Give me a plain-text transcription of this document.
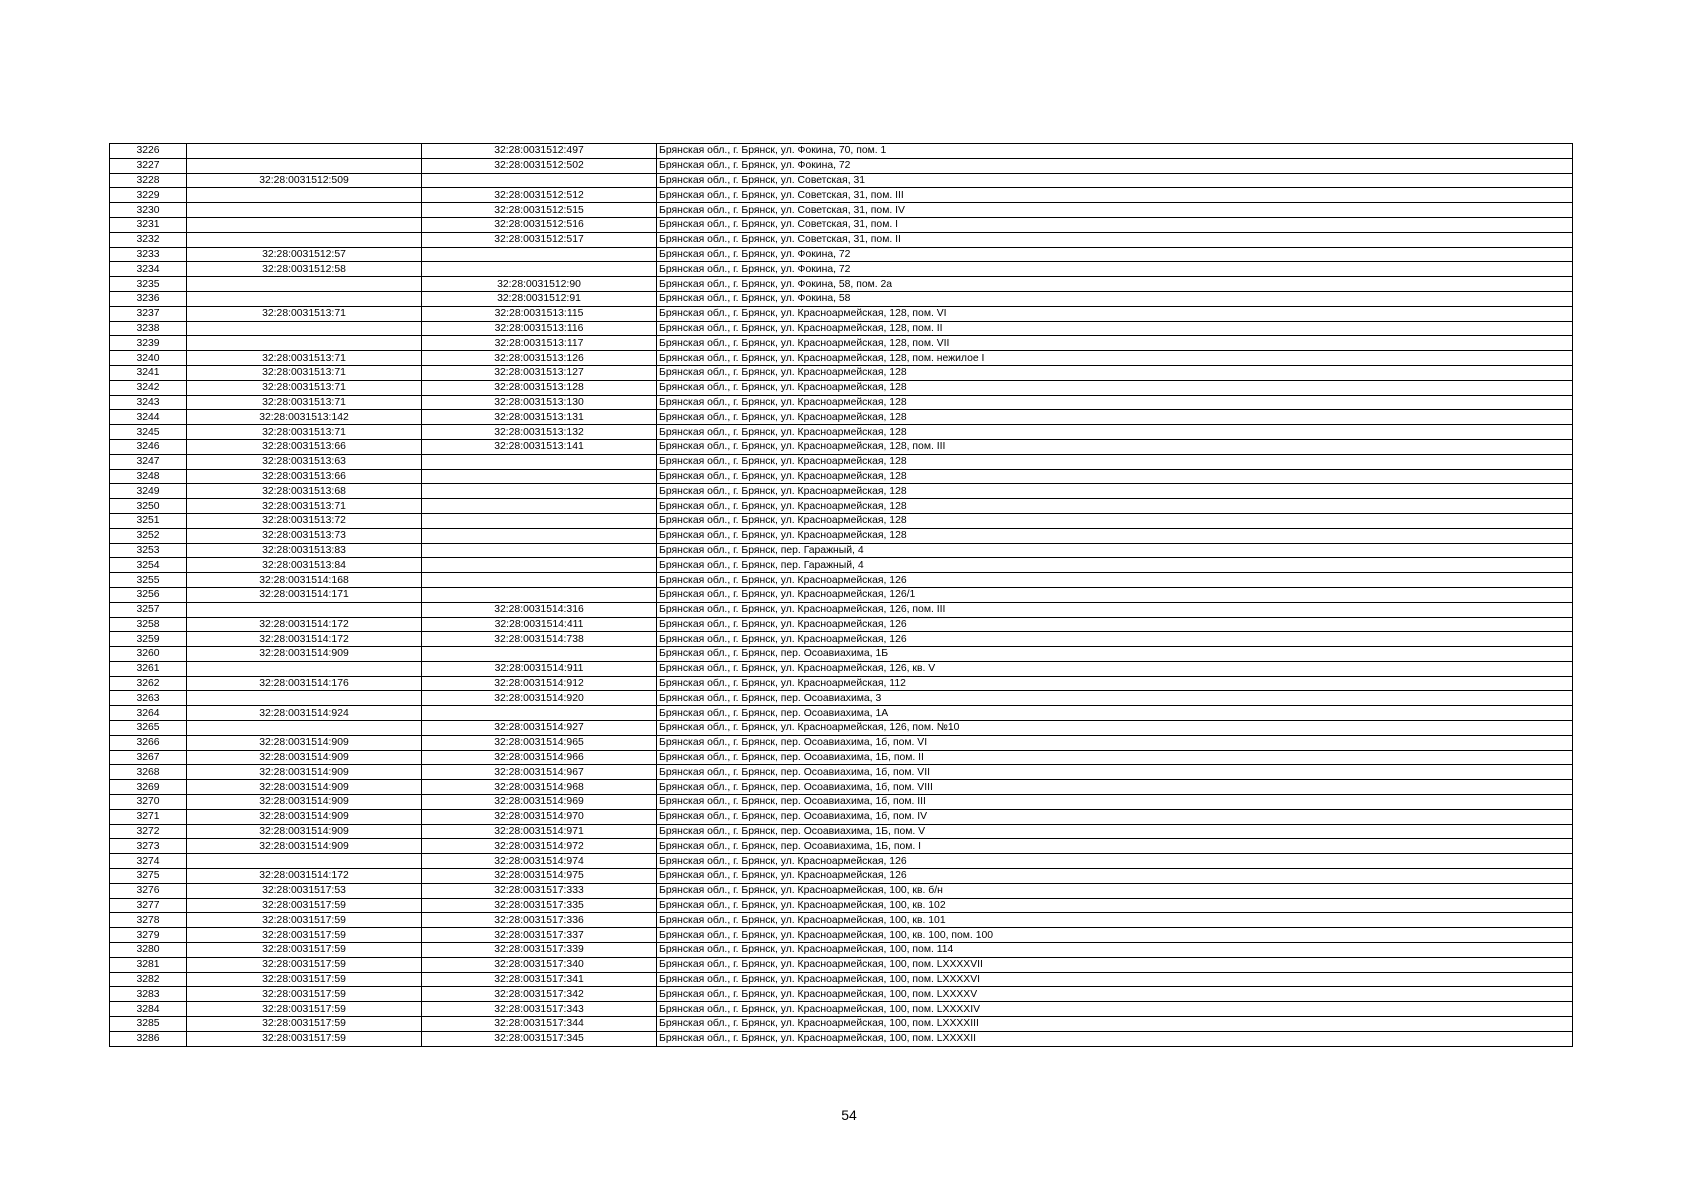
3226		32:28:0031512:497	Брянская обл., г. Брянск, ул. Фокина, 70, пом. 1
3227		32:28:0031512:502	Брянская обл., г. Брянск, ул. Фокина, 72
3228	32:28:0031512:509		Брянская обл., г. Брянск, ул. Советская, 31
3229		32:28:0031512:512	Брянская обл., г. Брянск, ул. Советская, 31, пом. III
3230		32:28:0031512:515	Брянская обл., г. Брянск, ул. Советская, 31, пом. IV
3231		32:28:0031512:516	Брянская обл., г. Брянск, ул. Советская, 31, пом. I
3232		32:28:0031512:517	Брянская обл., г. Брянск, ул. Советская, 31, пом. II
3233	32:28:0031512:57		Брянская обл., г. Брянск, ул. Фокина, 72
3234	32:28:0031512:58		Брянская обл., г. Брянск, ул. Фокина, 72
3235		32:28:0031512:90	Брянская обл., г. Брянск, ул. Фокина, 58, пом. 2а
3236		32:28:0031512:91	Брянская обл., г. Брянск, ул. Фокина, 58
3237	32:28:0031513:71	32:28:0031513:115	Брянская обл., г. Брянск, ул. Красноармейская, 128, пом. VI
3238		32:28:0031513:116	Брянская обл., г. Брянск, ул. Красноармейская, 128, пом. II
3239		32:28:0031513:117	Брянская обл., г. Брянск, ул. Красноармейская, 128, пом. VII
3240	32:28:0031513:71	32:28:0031513:126	Брянская обл., г. Брянск, ул. Красноармейская, 128, пом. нежилое I
3241	32:28:0031513:71	32:28:0031513:127	Брянская обл., г. Брянск, ул. Красноармейская, 128
3242	32:28:0031513:71	32:28:0031513:128	Брянская обл., г. Брянск, ул. Красноармейская, 128
3243	32:28:0031513:71	32:28:0031513:130	Брянская обл., г. Брянск, ул. Красноармейская, 128
3244	32:28:0031513:142	32:28:0031513:131	Брянская обл., г. Брянск, ул. Красноармейская, 128
3245	32:28:0031513:71	32:28:0031513:132	Брянская обл., г. Брянск, ул. Красноармейская, 128
3246	32:28:0031513:66	32:28:0031513:141	Брянская обл., г. Брянск, ул. Красноармейская, 128, пом. III
3247	32:28:0031513:63		Брянская обл., г. Брянск, ул. Красноармейская, 128
3248	32:28:0031513:66		Брянская обл., г. Брянск, ул. Красноармейская, 128
3249	32:28:0031513:68		Брянская обл., г. Брянск, ул. Красноармейская, 128
3250	32:28:0031513:71		Брянская обл., г. Брянск, ул. Красноармейская, 128
3251	32:28:0031513:72		Брянская обл., г. Брянск, ул. Красноармейская, 128
3252	32:28:0031513:73		Брянская обл., г. Брянск, ул. Красноармейская, 128
3253	32:28:0031513:83		Брянская обл., г. Брянск, пер. Гаражный, 4
3254	32:28:0031513:84		Брянская обл., г. Брянск, пер. Гаражный, 4
3255	32:28:0031514:168		Брянская обл., г. Брянск, ул. Красноармейская, 126
3256	32:28:0031514:171		Брянская обл., г. Брянск, ул. Красноармейская, 126/1
3257		32:28:0031514:316	Брянская обл., г. Брянск, ул. Красноармейская, 126, пом. III
3258	32:28:0031514:172	32:28:0031514:411	Брянская обл., г. Брянск, ул. Красноармейская, 126
3259	32:28:0031514:172	32:28:0031514:738	Брянская обл., г. Брянск, ул. Красноармейская, 126
3260	32:28:0031514:909		Брянская обл., г. Брянск, пер. Осоавиахима, 1Б
3261		32:28:0031514:911	Брянская обл., г. Брянск, ул. Красноармейская, 126, кв. V
3262	32:28:0031514:176	32:28:0031514:912	Брянская обл., г. Брянск, ул. Красноармейская, 112
3263		32:28:0031514:920	Брянская обл., г. Брянск, пер. Осоавиахима, 3
3264	32:28:0031514:924		Брянская обл., г. Брянск, пер. Осоавиахима, 1А
3265		32:28:0031514:927	Брянская обл., г. Брянск, ул. Красноармейская, 126, пом. №10
3266	32:28:0031514:909	32:28:0031514:965	Брянская обл., г. Брянск, пер. Осоавиахима, 1б, пом. VI
3267	32:28:0031514:909	32:28:0031514:966	Брянская обл., г. Брянск, пер. Осоавиахима, 1Б, пом. II
3268	32:28:0031514:909	32:28:0031514:967	Брянская обл., г. Брянск, пер. Осоавиахима, 1б, пом. VII
3269	32:28:0031514:909	32:28:0031514:968	Брянская обл., г. Брянск, пер. Осоавиахима, 1б, пом. VIII
3270	32:28:0031514:909	32:28:0031514:969	Брянская обл., г. Брянск, пер. Осоавиахима, 1б, пом. III
3271	32:28:0031514:909	32:28:0031514:970	Брянская обл., г. Брянск, пер. Осоавиахима, 1б, пом. IV
3272	32:28:0031514:909	32:28:0031514:971	Брянская обл., г. Брянск, пер. Осоавиахима, 1Б, пом. V
3273	32:28:0031514:909	32:28:0031514:972	Брянская обл., г. Брянск, пер. Осоавиахима, 1Б, пом. I
3274		32:28:0031514:974	Брянская обл., г. Брянск, ул. Красноармейская, 126
3275	32:28:0031514:172	32:28:0031514:975	Брянская обл., г. Брянск, ул. Красноармейская, 126
3276	32:28:0031517:53	32:28:0031517:333	Брянская обл., г. Брянск, ул. Красноармейская, 100, кв. б/н
3277	32:28:0031517:59	32:28:0031517:335	Брянская обл., г. Брянск, ул. Красноармейская, 100, кв. 102
3278	32:28:0031517:59	32:28:0031517:336	Брянская обл., г. Брянск, ул. Красноармейская, 100, кв. 101
3279	32:28:0031517:59	32:28:0031517:337	Брянская обл., г. Брянск, ул. Красноармейская, 100, кв. 100, пом. 100
3280	32:28:0031517:59	32:28:0031517:339	Брянская обл., г. Брянск, ул. Красноармейская, 100, пом. 114
3281	32:28:0031517:59	32:28:0031517:340	Брянская обл., г. Брянск, ул. Красноармейская, 100, пом. LXXXXVII
3282	32:28:0031517:59	32:28:0031517:341	Брянская обл., г. Брянск, ул. Красноармейская, 100, пом. LXXXXVI
3283	32:28:0031517:59	32:28:0031517:342	Брянская обл., г. Брянск, ул. Красноармейская, 100, пом. LXXXXV
3284	32:28:0031517:59	32:28:0031517:343	Брянская обл., г. Брянск, ул. Красноармейская, 100, пом. LXXXXIV
3285	32:28:0031517:59	32:28:0031517:344	Брянская обл., г. Брянск, ул. Красноармейская, 100, пом. LXXXXIII
3286	32:28:0031517:59	32:28:0031517:345	Брянская обл., г. Брянск, ул. Красноармейская, 100, пом. LXXXXII
54
